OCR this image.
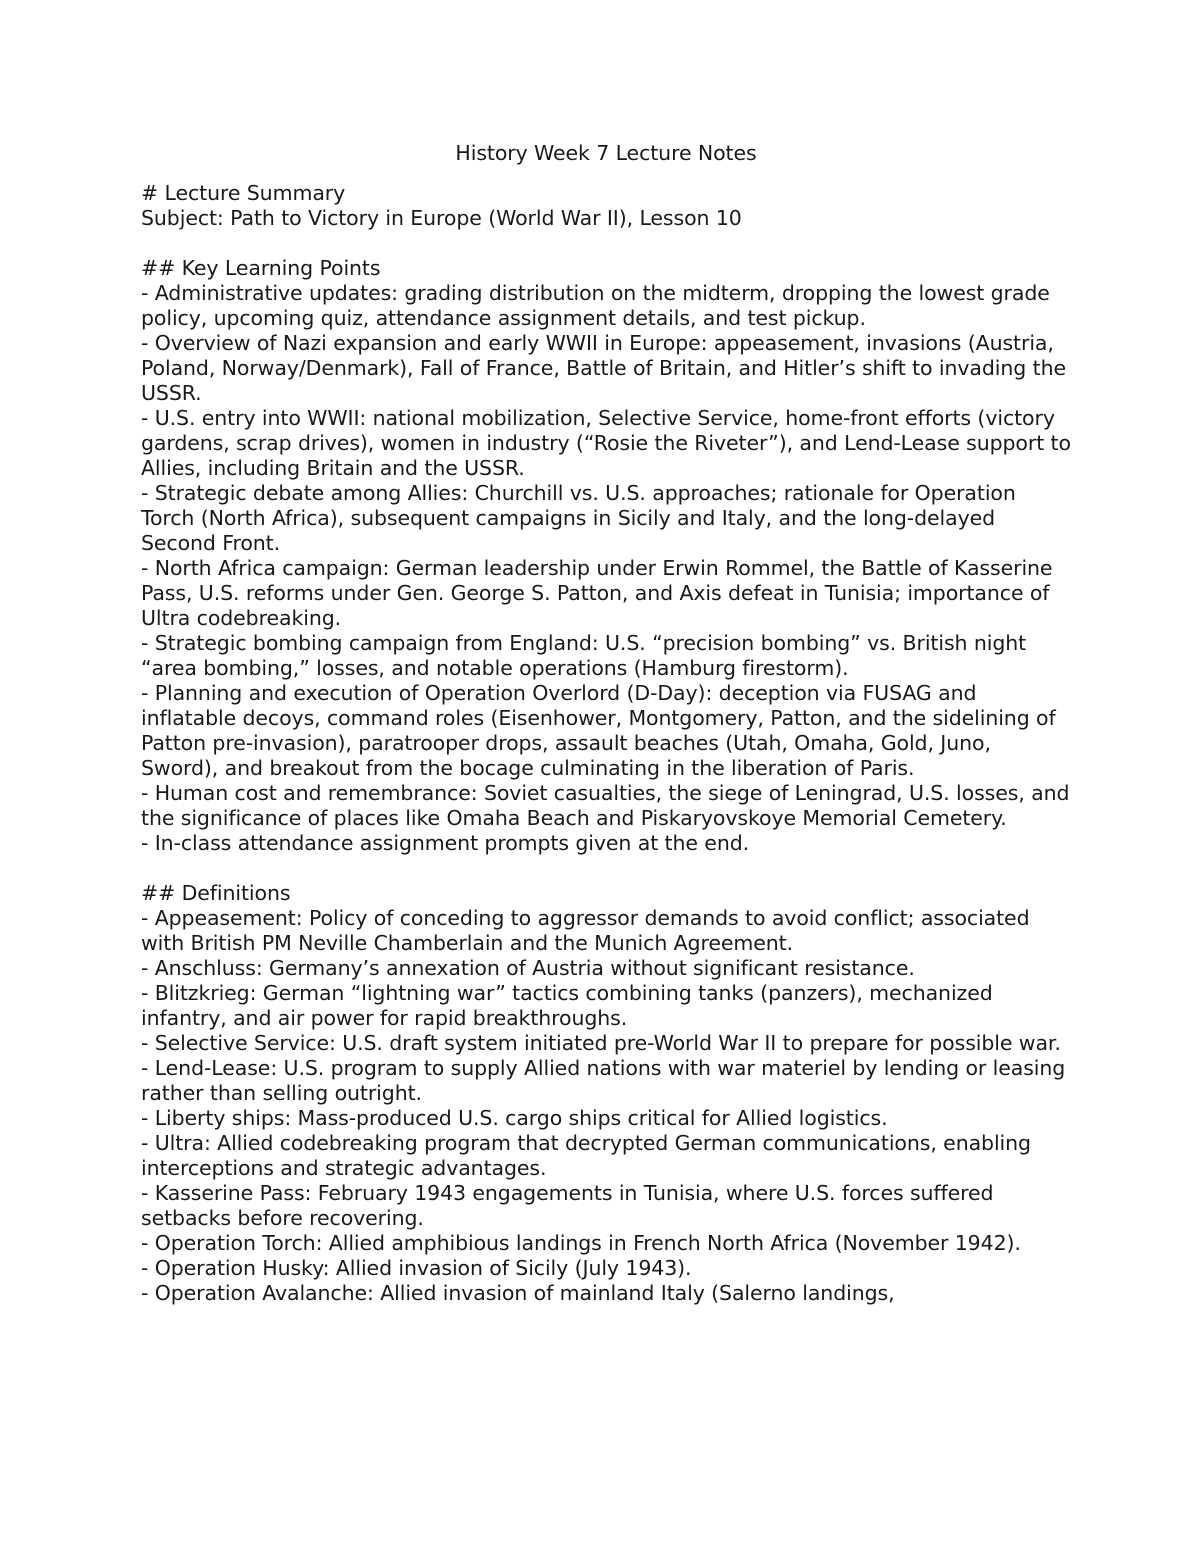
History Week 7 Lecture Notes

# Lecture Summary

Subject: Path to Victory in Europe (World War II), Lesson 10

## Key Learning Points

- Administrative updates: grading distribution on the midterm, dropping the lowest grade policy, upcoming quiz, attendance assignment details, and test pickup.

- Overview of Nazi expansion and early WWII in Europe: appeasement, invasions (Austria, Poland, Norway/Denmark), Fall of France, Battle of Britain, and Hitler’s shift to invading the USSR.

- U.S. entry into WWII: national mobilization, Selective Service, home-front efforts (victory gardens, scrap drives), women in industry (“Rosie the Riveter”), and Lend-Lease support to Allies, including Britain and the USSR.

- Strategic debate among Allies: Churchill vs. U.S. approaches; rationale for Operation Torch (North Africa), subsequent campaigns in Sicily and Italy, and the long-delayed Second Front.

- North Africa campaign: German leadership under Erwin Rommel, the Battle of Kasserine Pass, U.S. reforms under Gen. George S. Patton, and Axis defeat in Tunisia; importance of Ultra codebreaking.

- Strategic bombing campaign from England: U.S. “precision bombing” vs. British night “area bombing,” losses, and notable operations (Hamburg firestorm).

- Planning and execution of Operation Overlord (D-Day): deception via FUSAG and inflatable decoys, command roles (Eisenhower, Montgomery, Patton, and the sidelining of Patton pre-invasion), paratrooper drops, assault beaches (Utah, Omaha, Gold, Juno, Sword), and breakout from the bocage culminating in the liberation of Paris.

- Human cost and remembrance: Soviet casualties, the siege of Leningrad, U.S. losses, and the significance of places like Omaha Beach and Piskaryovskoye Memorial Cemetery.

- In-class attendance assignment prompts given at the end.

## Definitions

- Appeasement: Policy of conceding to aggressor demands to avoid conflict; associated with British PM Neville Chamberlain and the Munich Agreement.

- Anschluss: Germany’s annexation of Austria without significant resistance.

- Blitzkrieg: German “lightning war” tactics combining tanks (panzers), mechanized infantry, and air power for rapid breakthroughs.

- Selective Service: U.S. draft system initiated pre-World War II to prepare for possible war.

- Lend-Lease: U.S. program to supply Allied nations with war materiel by lending or leasing rather than selling outright.

- Liberty ships: Mass-produced U.S. cargo ships critical for Allied logistics.

- Ultra: Allied codebreaking program that decrypted German communications, enabling interceptions and strategic advantages.

- Kasserine Pass: February 1943 engagements in Tunisia, where U.S. forces suffered setbacks before recovering.

- Operation Torch: Allied amphibious landings in French North Africa (November 1942).

- Operation Husky: Allied invasion of Sicily (July 1943).

- Operation Avalanche: Allied invasion of mainland Italy (Salerno landings,
